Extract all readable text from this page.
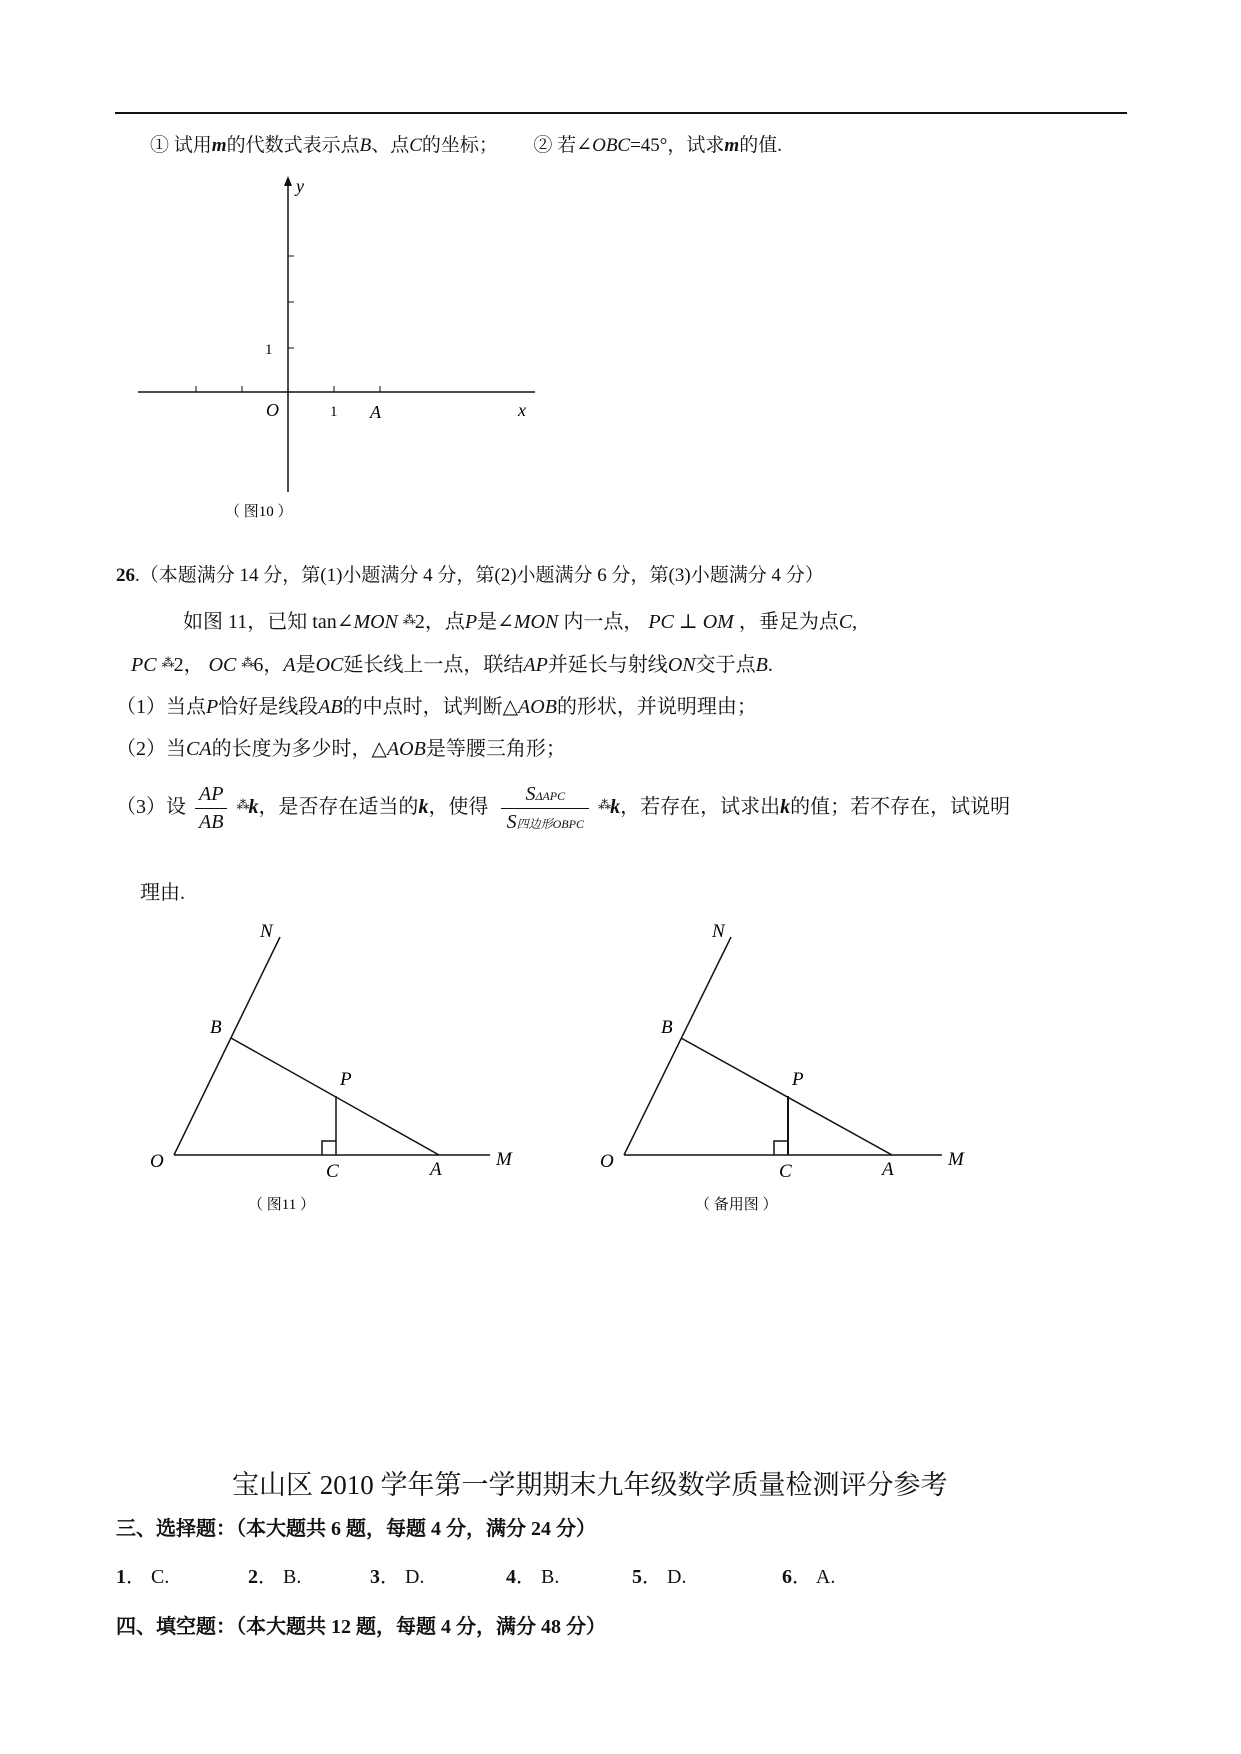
① 试用m的代数式表示点B、点C的坐标； ② 若∠OBC=45°，试求m的值.
y
1
O	1 A	x
（ 图10 ）
26.（本题满分 14 分，第(1)小题满分 4 分，第(2)小题满分 6 分，第(3)小题满分 4 分）
如图 11，已知 tan∠MON ⁂2，点P是∠MON 内一点， PC ⊥ OM ，垂足为点C,
PC ⁂2， OC ⁂6，A是OC延长线上一点，联结AP并延长与射线ON交于点B.
（1）当点P恰好是线段AB的中点时，试判断△AOB的形状，并说明理由；
（2）当CA的长度为多少时，△AOB是等腰三角形；
（3）设 $\frac{AP}{AB} ^⁂k$，是否存在适当的k，使得 $\frac{\text{SΔAPC}}{\text{S四边形OBPC}} ^⁂k$，若存在，试求出k的值；若不存在，试说明
理由.
N
B
P
O	C	A	M
（ 图11 ）
N
B
P
O	C	A	M
（ 备用图 ）
宝山区 2010 学年第一学期期末九年级数学质量检测评分参考
三、选择题：（本大题共 6 题，每题 4 分，满分 24 分）
1． C.	2． B.	3． D.	4． B.	5． D.	6． A.
四、填空题：（本大题共 12 题，每题 4 分，满分 48 分）
